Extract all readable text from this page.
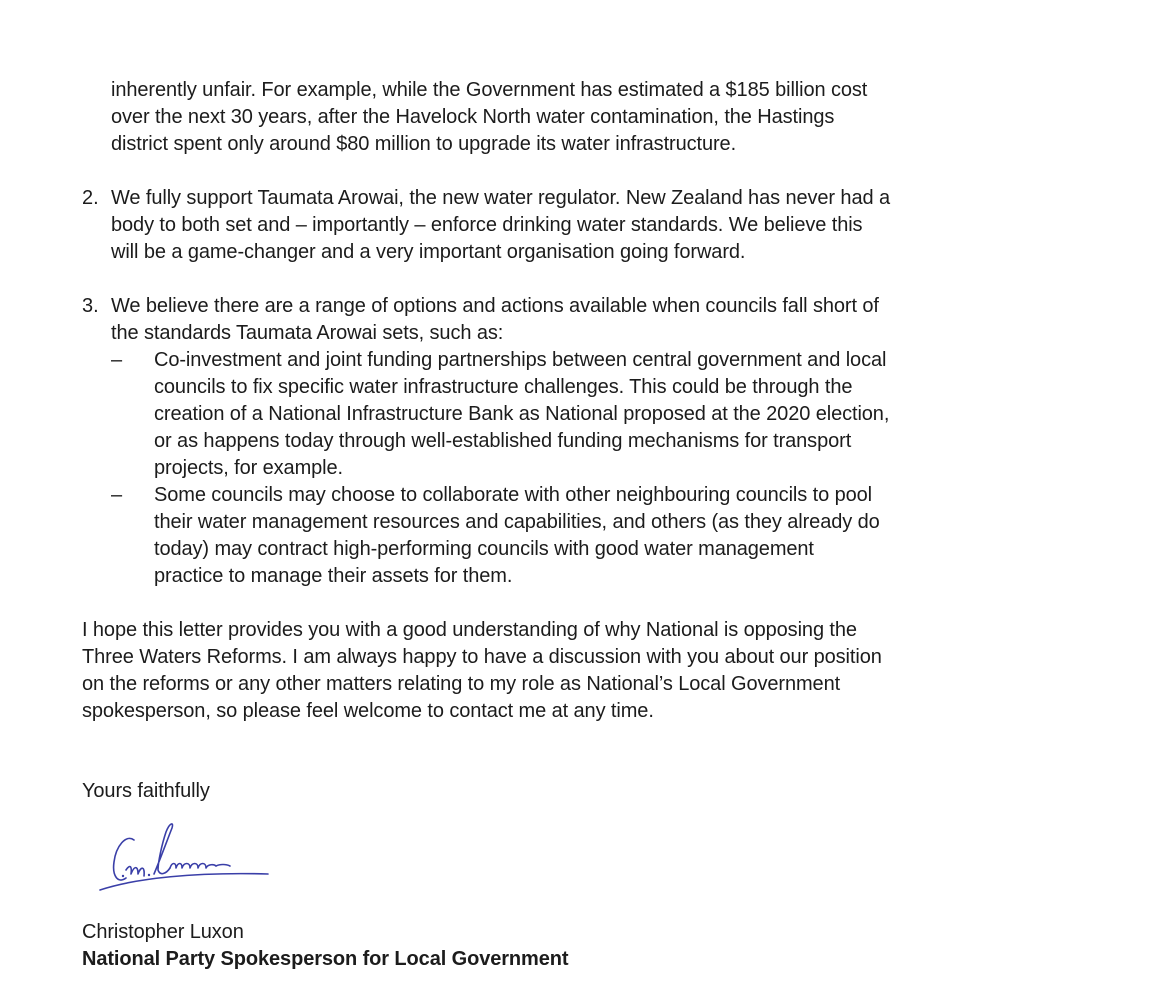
inherently unfair. For example, while the Government has estimated a $185 billion cost
over the next 30 years, after the Havelock North water contamination, the Hastings
district spent only around $80 million to upgrade its water infrastructure.
2. We fully support Taumata Arowai, the new water regulator. New Zealand has never had a
body to both set and – importantly – enforce drinking water standards. We believe this
will be a game-changer and a very important organisation going forward.
3. We believe there are a range of options and actions available when councils fall short of
the standards Taumata Arowai sets, such as:
– Co-investment and joint funding partnerships between central government and local
councils to fix specific water infrastructure challenges. This could be through the
creation of a National Infrastructure Bank as National proposed at the 2020 election,
or as happens today through well-established funding mechanisms for transport
projects, for example.
– Some councils may choose to collaborate with other neighbouring councils to pool
their water management resources and capabilities, and others (as they already do
today) may contract high-performing councils with good water management
practice to manage their assets for them.
I hope this letter provides you with a good understanding of why National is opposing the
Three Waters Reforms. I am always happy to have a discussion with you about our position
on the reforms or any other matters relating to my role as National’s Local Government
spokesperson, so please feel welcome to contact me at any time.
Yours faithfully
Christopher Luxon
National Party Spokesperson for Local Government
